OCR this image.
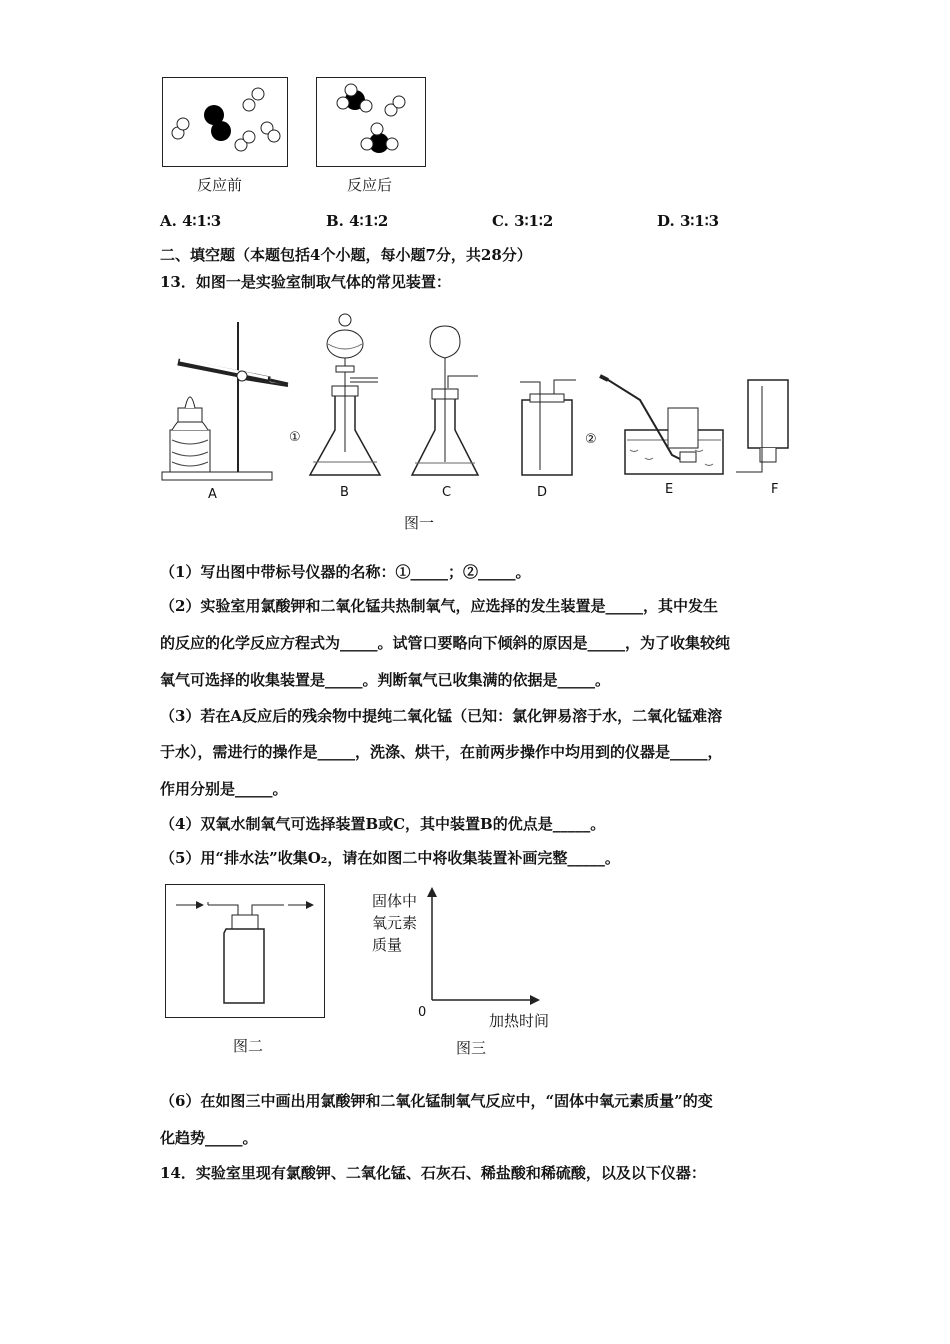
反应前	反应后
A. 4∶1∶3	B. 4∶1∶2	C. 3∶1∶2	D. 3∶1∶3
二、填空题（本题包括4个小题，每小题7分，共28分）
13．如图一是实验室制取气体的常见装置：
A	B	C	D	E	F
①	②
图一
（1）写出图中带标号仪器的名称：①_____；②_____。
（2）实验室用氯酸钾和二氧化锰共热制氧气，应选择的发生装置是_____，其中发生
的反应的化学反应方程式为_____。试管口要略向下倾斜的原因是_____，为了收集较纯
氧气可选择的收集装置是_____。判断氧气已收集满的依据是_____。
（3）若在A反应后的残余物中提纯二氧化锰（已知：氯化钾易溶于水，二氧化锰难溶
于水），需进行的操作是_____，洗涤、烘干，在前两步操作中均用到的仪器是_____，
作用分别是_____。
（4）双氧水制氧气可选择装置B或C，其中装置B的优点是_____。
（5）用“排水法”收集O₂，请在如图二中将收集装置补画完整_____。
图二
固体中
氧元素
质量
0	加热时间
图三
（6）在如图三中画出用氯酸钾和二氧化锰制氧气反应中，“固体中氧元素质量”的变
化趋势_____。
14．实验室里现有氯酸钾、二氧化锰、石灰石、稀盐酸和稀硫酸，以及以下仪器：
